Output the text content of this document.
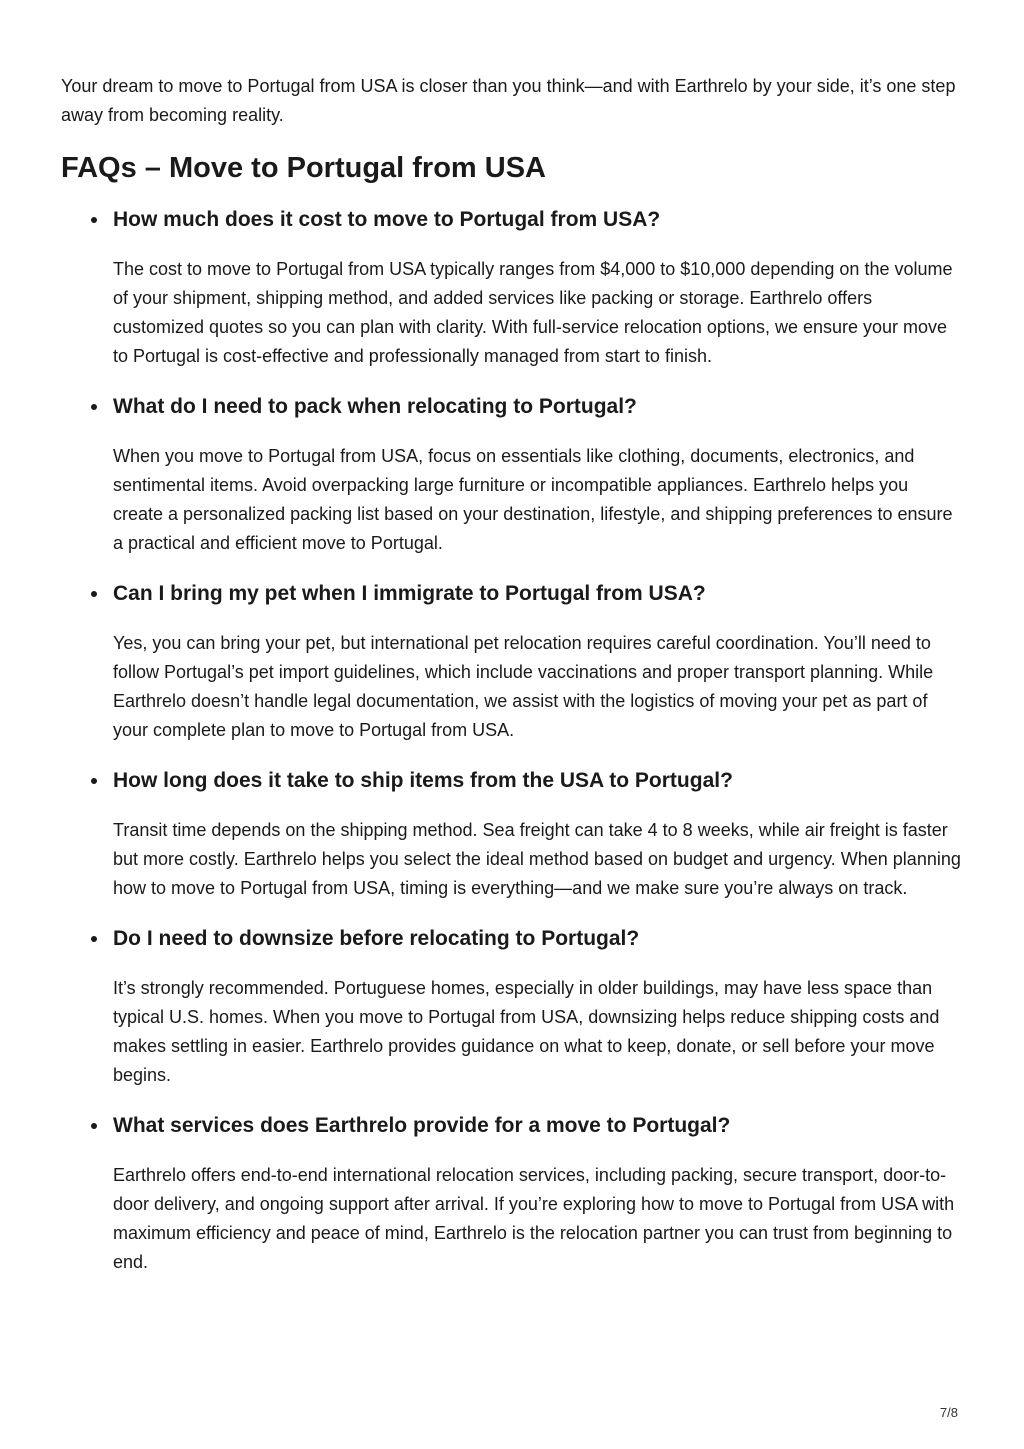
Your dream to move to Portugal from USA is closer than you think—and with Earthrelo by your side, it’s one step away from becoming reality.

FAQs – Move to Portugal from USA
How much does it cost to move to Portugal from USA?

The cost to move to Portugal from USA typically ranges from $4,000 to $10,000 depending on the volume of your shipment, shipping method, and added services like packing or storage. Earthrelo offers customized quotes so you can plan with clarity. With full-service relocation options, we ensure your move to Portugal is cost-effective and professionally managed from start to finish.

What do I need to pack when relocating to Portugal?

When you move to Portugal from USA, focus on essentials like clothing, documents, electronics, and sentimental items. Avoid overpacking large furniture or incompatible appliances. Earthrelo helps you create a personalized packing list based on your destination, lifestyle, and shipping preferences to ensure a practical and efficient move to Portugal.

Can I bring my pet when I immigrate to Portugal from USA?

Yes, you can bring your pet, but international pet relocation requires careful coordination. You’ll need to follow Portugal’s pet import guidelines, which include vaccinations and proper transport planning. While Earthrelo doesn’t handle legal documentation, we assist with the logistics of moving your pet as part of your complete plan to move to Portugal from USA.

How long does it take to ship items from the USA to Portugal?

Transit time depends on the shipping method. Sea freight can take 4 to 8 weeks, while air freight is faster but more costly. Earthrelo helps you select the ideal method based on budget and urgency. When planning how to move to Portugal from USA, timing is everything—and we make sure you’re always on track.

Do I need to downsize before relocating to Portugal?

It’s strongly recommended. Portuguese homes, especially in older buildings, may have less space than typical U.S. homes. When you move to Portugal from USA, downsizing helps reduce shipping costs and makes settling in easier. Earthrelo provides guidance on what to keep, donate, or sell before your move begins.

What services does Earthrelo provide for a move to Portugal?

Earthrelo offers end-to-end international relocation services, including packing, secure transport, door-to-door delivery, and ongoing support after arrival. If you’re exploring how to move to Portugal from USA with maximum efficiency and peace of mind, Earthrelo is the relocation partner you can trust from beginning to end.

7/8
